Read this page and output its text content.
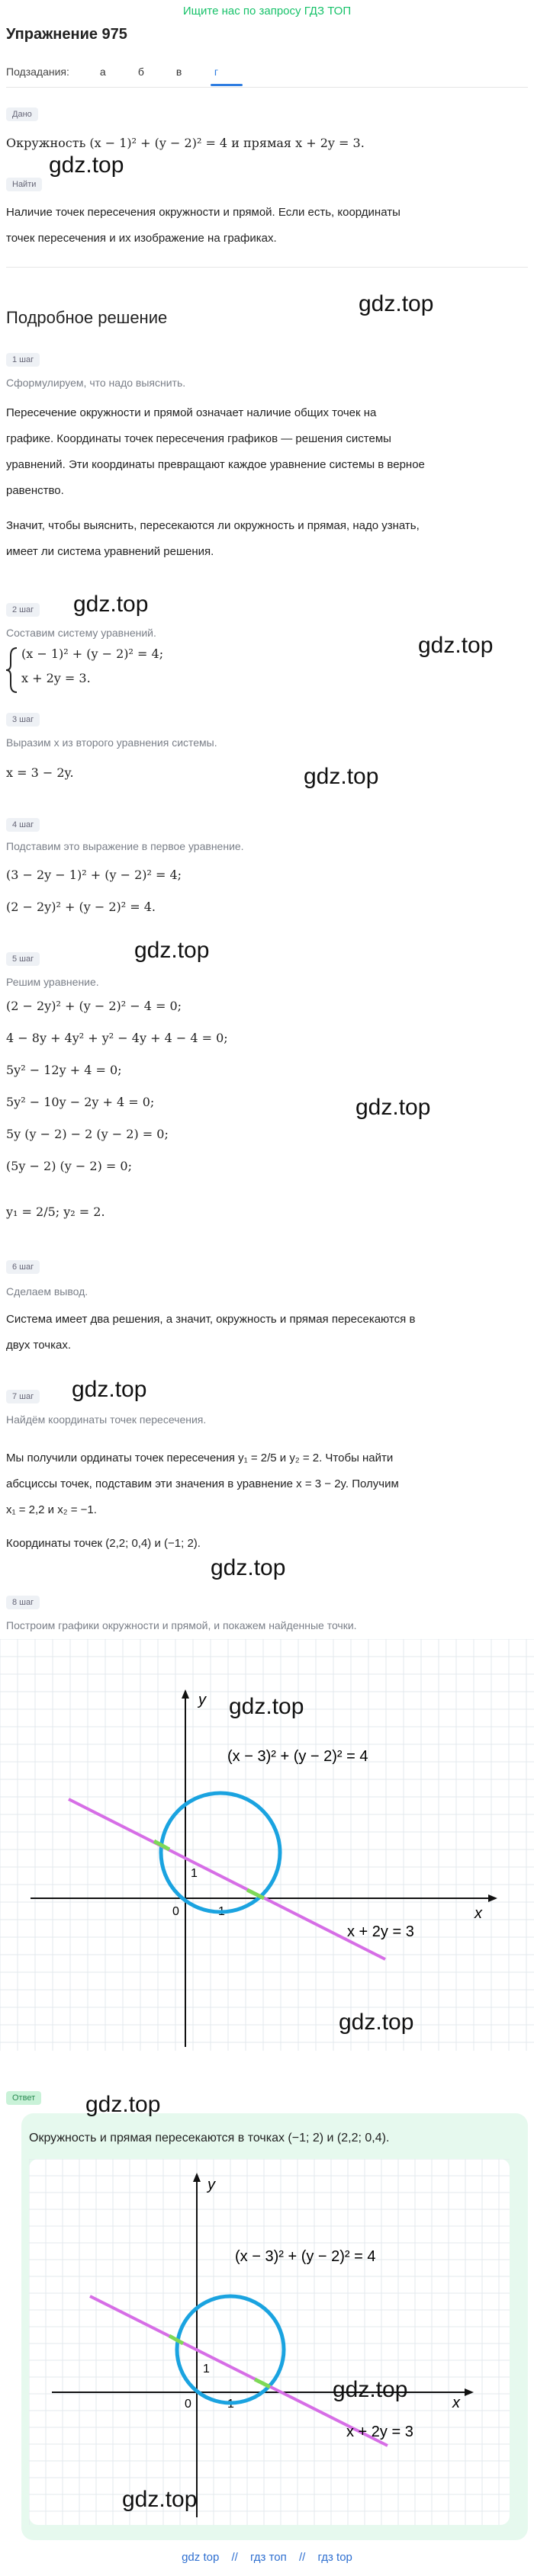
Ищите нас по запросу ГДЗ ТОП
Упражнение 975
Подзадания:	а	б	в	г
Дано
Окружность (x − 1)² + (y − 2)² = 4 и прямая x + 2y = 3.
Найти
Наличие точек пересечения окружности и прямой. Если есть, координаты
точек пересечения и их изображение на графиках.
Подробное решение
1 шаг
Сформулируем, что надо выяснить.
Пересечение окружности и прямой означает наличие общих точек на
графике. Координаты точек пересечения графиков — решения системы
уравнений. Эти координаты превращают каждое уравнение системы в верное
равенство.
Значит, чтобы выяснить, пересекаются ли окружность и прямая, надо узнать,
имеет ли система уравнений решения.
2 шаг
Составим систему уравнений.
(x − 1)² + (y − 2)² = 4;
x + 2y = 3.
3 шаг
Выразим x из второго уравнения системы.
x = 3 − 2y.
4 шаг
Подставим это выражение в первое уравнение.
(3 − 2y − 1)² + (y − 2)² = 4;
(2 − 2y)² + (y − 2)² = 4.
5 шаг
Решим уравнение.
(2 − 2y)² + (y − 2)² − 4 = 0;
4 − 8y + 4y² + y² − 4y + 4 − 4 = 0;
5y² − 12y + 4 = 0;
5y² − 10y − 2y + 4 = 0;
5y (y − 2) − 2 (y − 2) = 0;
(5y − 2) (y − 2) = 0;
y₁ = 2/5; y₂ = 2.
6 шаг
Сделаем вывод.
Система имеет два решения, а значит, окружность и прямая пересекаются в
двух точках.
7 шаг
Найдём координаты точек пересечения.
Мы получили ординаты точек пересечения y₁ = 2/5 и y₂ = 2. Чтобы найти
абсциссы точек, подставим эти значения в уравнение x = 3 − 2y. Получим
x₁ = 2,2 и x₂ = −1.
Координаты точек (2,2; 0,4) и (−1; 2).
8 шаг
Построим графики окружности и прямой, и покажем найденные точки.
x
y
0	1
1
(x − 3)² + (y − 2)² = 4
x + 2y = 3
Ответ
Окружность и прямая пересекаются в точках (−1; 2) и (2,2; 0,4).
x
y
0	1
1
(x − 3)² + (y − 2)² = 4
x + 2y = 3
gdz.top
gdz.top
gdz.top
gdz.top
gdz.top
gdz.top
gdz.top
gdz.top
gdz.top
gdz.top
gdz.top
gdz.top
gdz.top
gdz.top
gdz top // гдз топ // гдз top
